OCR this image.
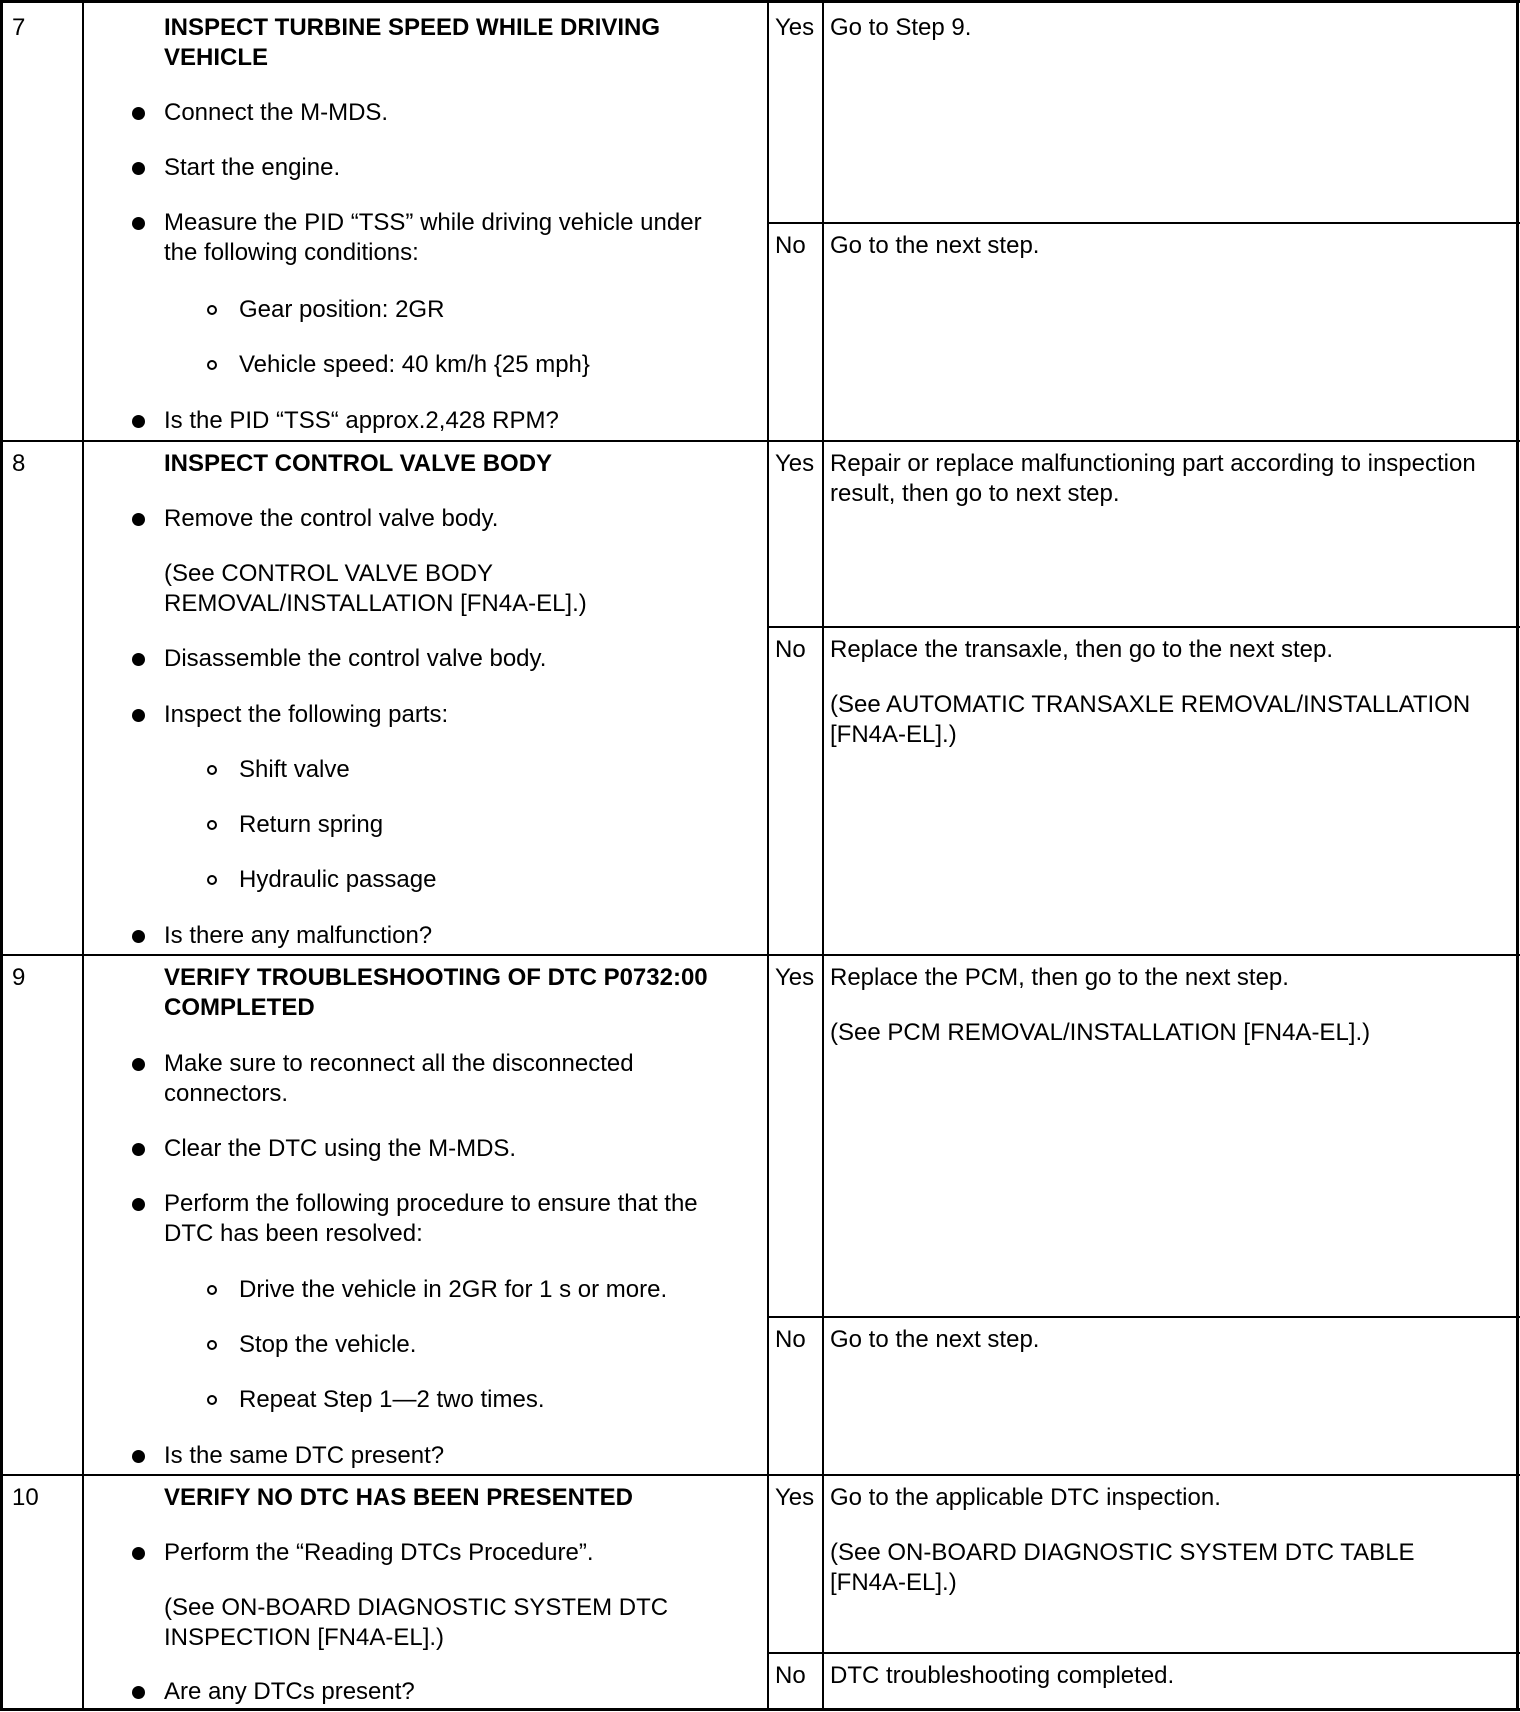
7	INSPECT TURBINE SPEED WHILE DRIVING
VEHICLE
Connect the M-MDS.
Start the engine.
Measure the PID “TSS” while driving vehicle under
the following conditions:
Gear position: 2GR
Vehicle speed: 40 km/h {25 mph}
Is the PID “TSS“ approx.2,428 RPM?
Yes Go to Step 9.
No Go to the next step.
8	INSPECT CONTROL VALVE BODY
Remove the control valve body.
(See CONTROL VALVE BODY
REMOVAL/INSTALLATION [FN4A-EL].)
Disassemble the control valve body.
Inspect the following parts:
Shift valve
Return spring
Hydraulic passage
Is there any malfunction?
Yes Repair or replace malfunctioning part according to inspection
result, then go to next step.
No Replace the transaxle, then go to the next step.
(See AUTOMATIC TRANSAXLE REMOVAL/INSTALLATION
[FN4A-EL].)
9	VERIFY TROUBLESHOOTING OF DTC P0732:00
COMPLETED
Make sure to reconnect all the disconnected
connectors.
Clear the DTC using the M-MDS.
Perform the following procedure to ensure that the
DTC has been resolved:
Drive the vehicle in 2GR for 1 s or more.
Stop the vehicle.
Repeat Step 1—2 two times.
Is the same DTC present?
Yes Replace the PCM, then go to the next step.
(See PCM REMOVAL/INSTALLATION [FN4A-EL].)
No Go to the next step.
10	VERIFY NO DTC HAS BEEN PRESENTED
Perform the “Reading DTCs Procedure”.
(See ON-BOARD DIAGNOSTIC SYSTEM DTC
INSPECTION [FN4A-EL].)
Are any DTCs present?
Yes Go to the applicable DTC inspection.
(See ON-BOARD DIAGNOSTIC SYSTEM DTC TABLE
[FN4A-EL].)
No DTC troubleshooting completed.
